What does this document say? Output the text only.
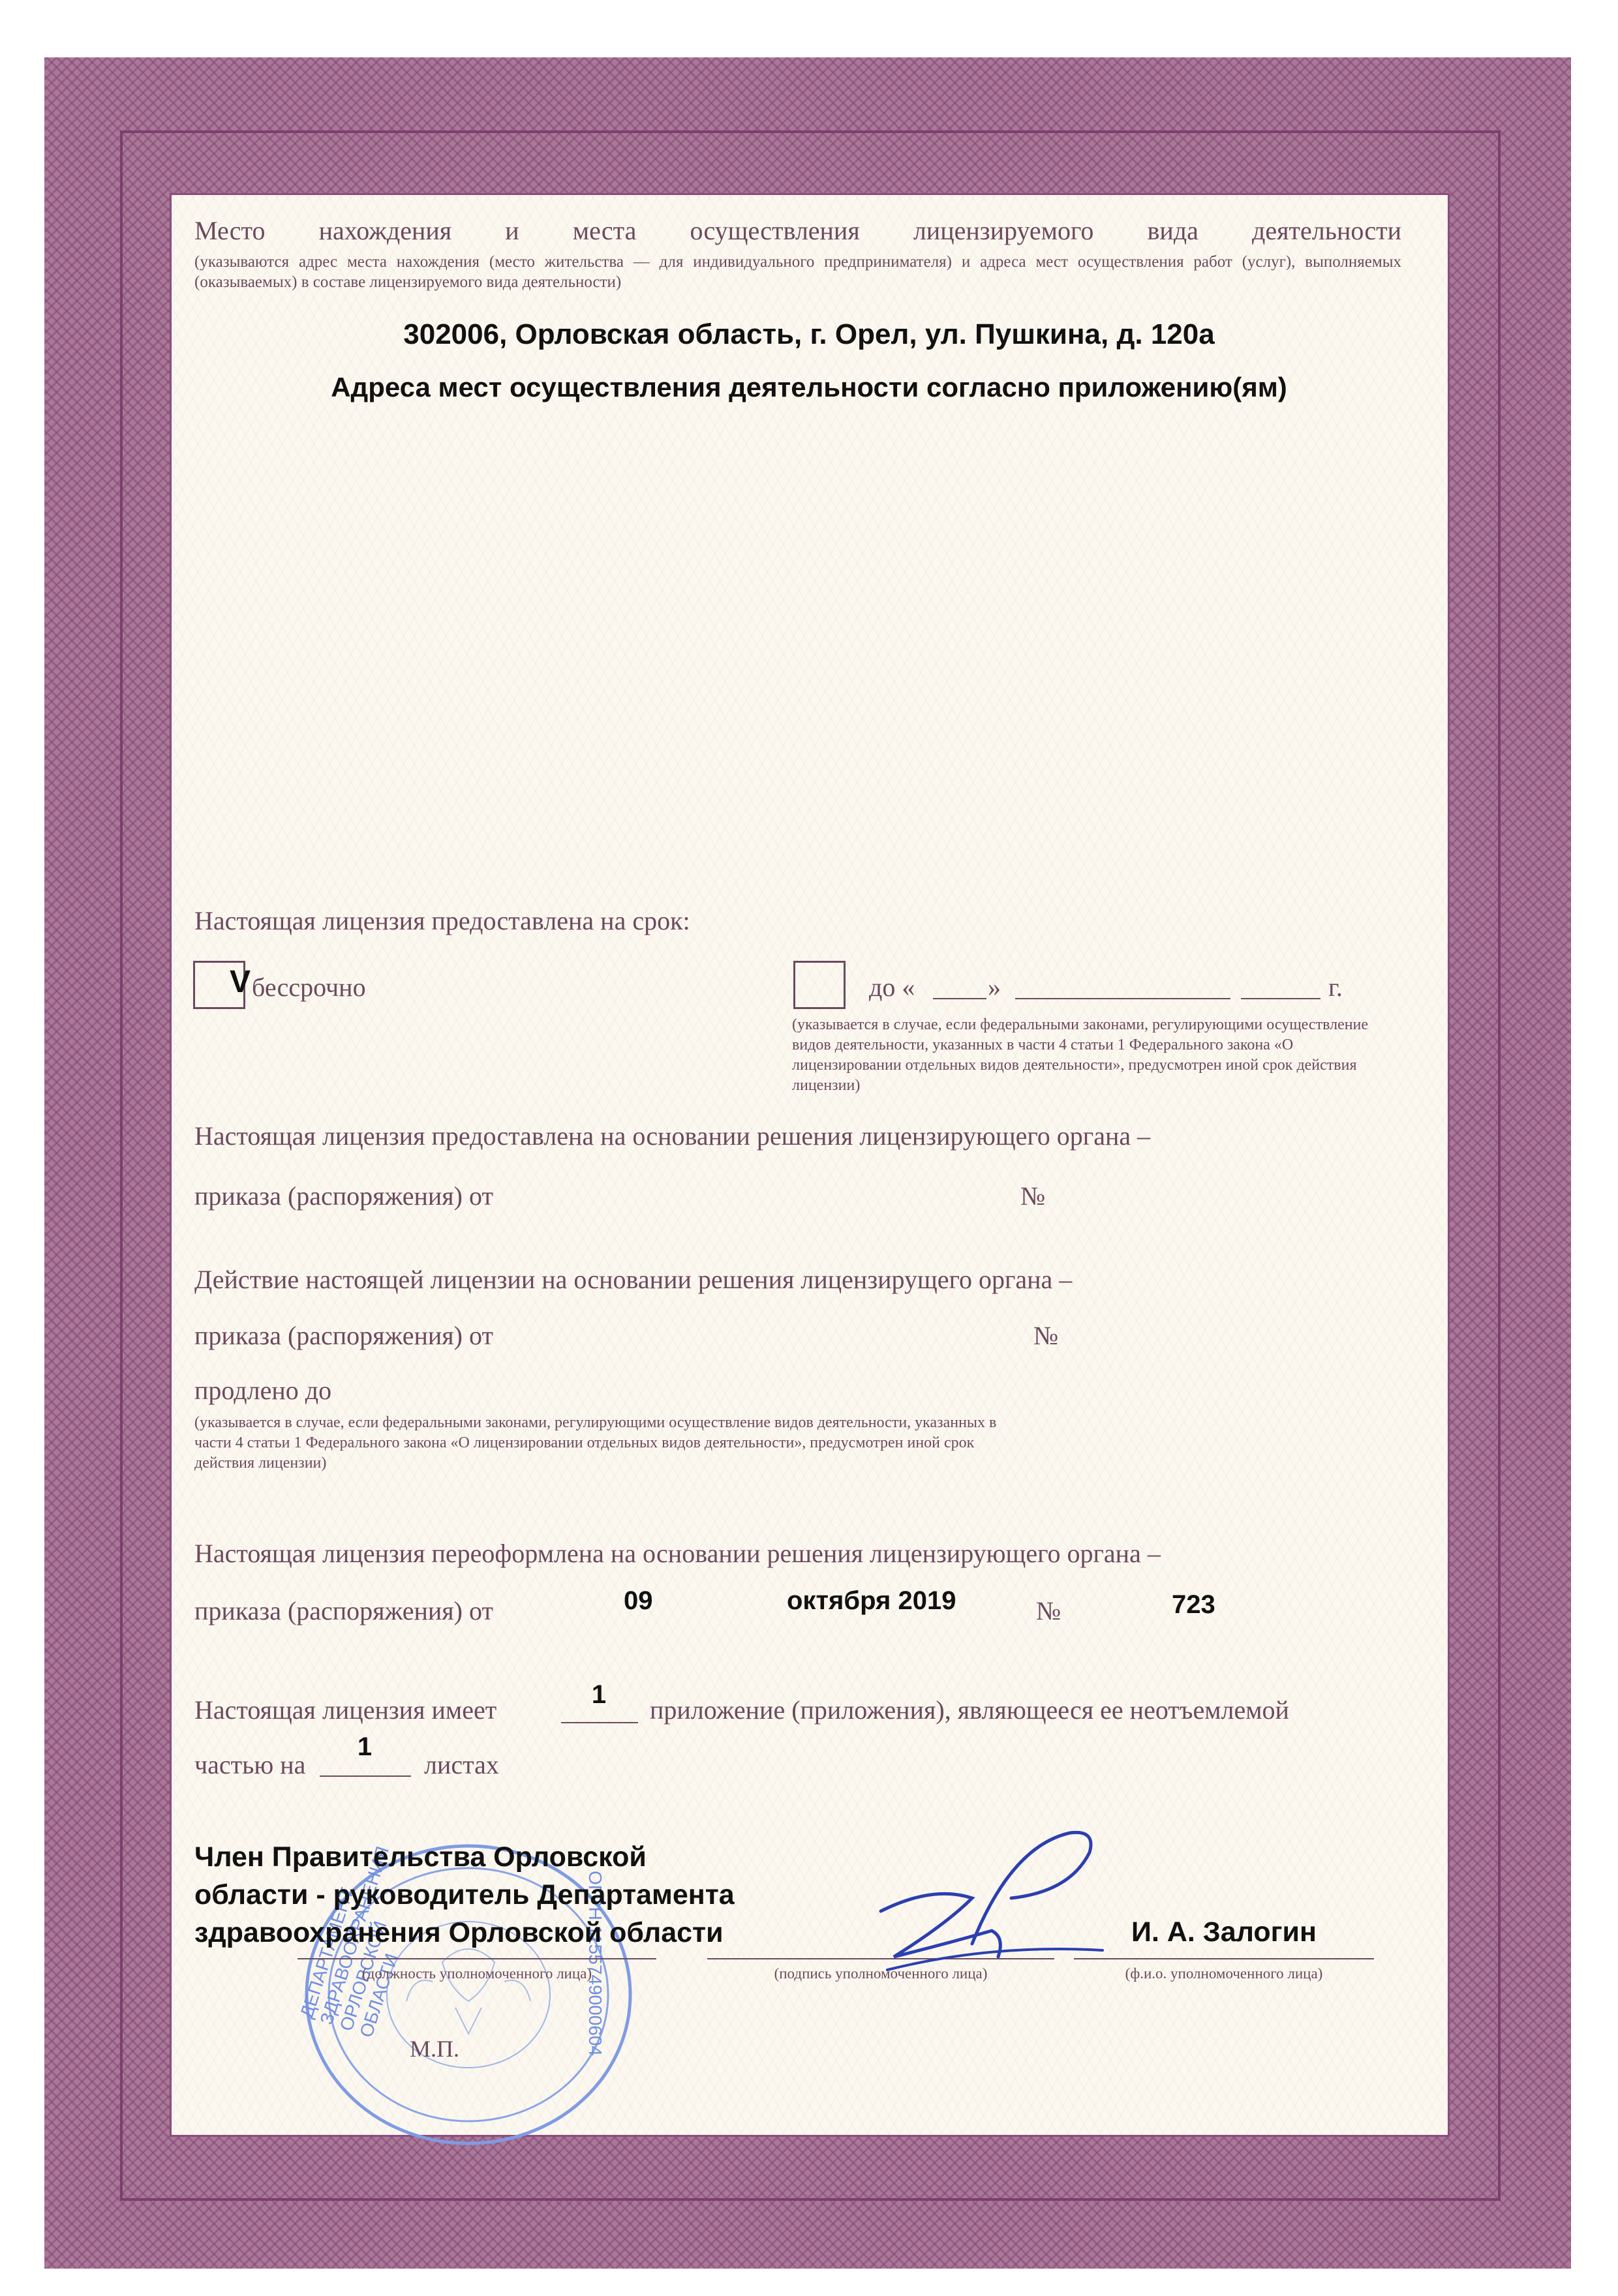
Место нахождения и места осуществления лицензируемого вида деятельности
(указываются адрес места нахождения (место жительства — для индивидуального предпринимателя) и адреса мест осуществления работ (услуг), выполняемых (оказываемых) в составе лицензируемого вида деятельности)
302006, Орловская область, г. Орел, ул. Пушкина, д. 120а
Адреса мест осуществления деятельности согласно приложению(ям)
Настоящая лицензия предоставлена на срок:
V бессрочно	до «	»	г.
(указывается в случае, если федеральными законами, регулирующими осуществление видов деятельности, указанных в части 4 статьи 1 Федерального закона «О лицензировании отдельных видов деятельности», предусмотрен иной срок действия лицензии)
Настоящая лицензия предоставлена на основании решения лицензирующего органа –
приказа (распоряжения) от	№
Действие настоящей лицензии на основании решения лицензирущего органа –
приказа (распоряжения) от	№
продлено до
(указывается в случае, если федеральными законами, регулирующими осуществление видов деятельности, указанных в части 4 статьи 1 Федерального закона «О лицензировании отдельных видов деятельности», предусмотрен иной срок действия лицензии)
Настоящая лицензия переоформлена на основании решения лицензирующего органа –
приказа (распоряжения) от	09	октября 2019	№	723
Настоящая лицензия имеет
1
приложение (приложения), являющееся ее неотъемлемой
частью на
1
листах
ДЕПАРТАМЕНТ ЗДРАВООХРАНЕНИЯ ОРЛОВСКОЙ ОБЛАСТИ	ОГРН 1155749000604
Член Правительства Орловской
области - руководитель Департамента
здравоохранения Орловской области
(должность уполномоченного лица)	(подпись уполномоченного лица)
И. А. Залогин
(ф.и.о. уполномоченного лица)
М.П.
